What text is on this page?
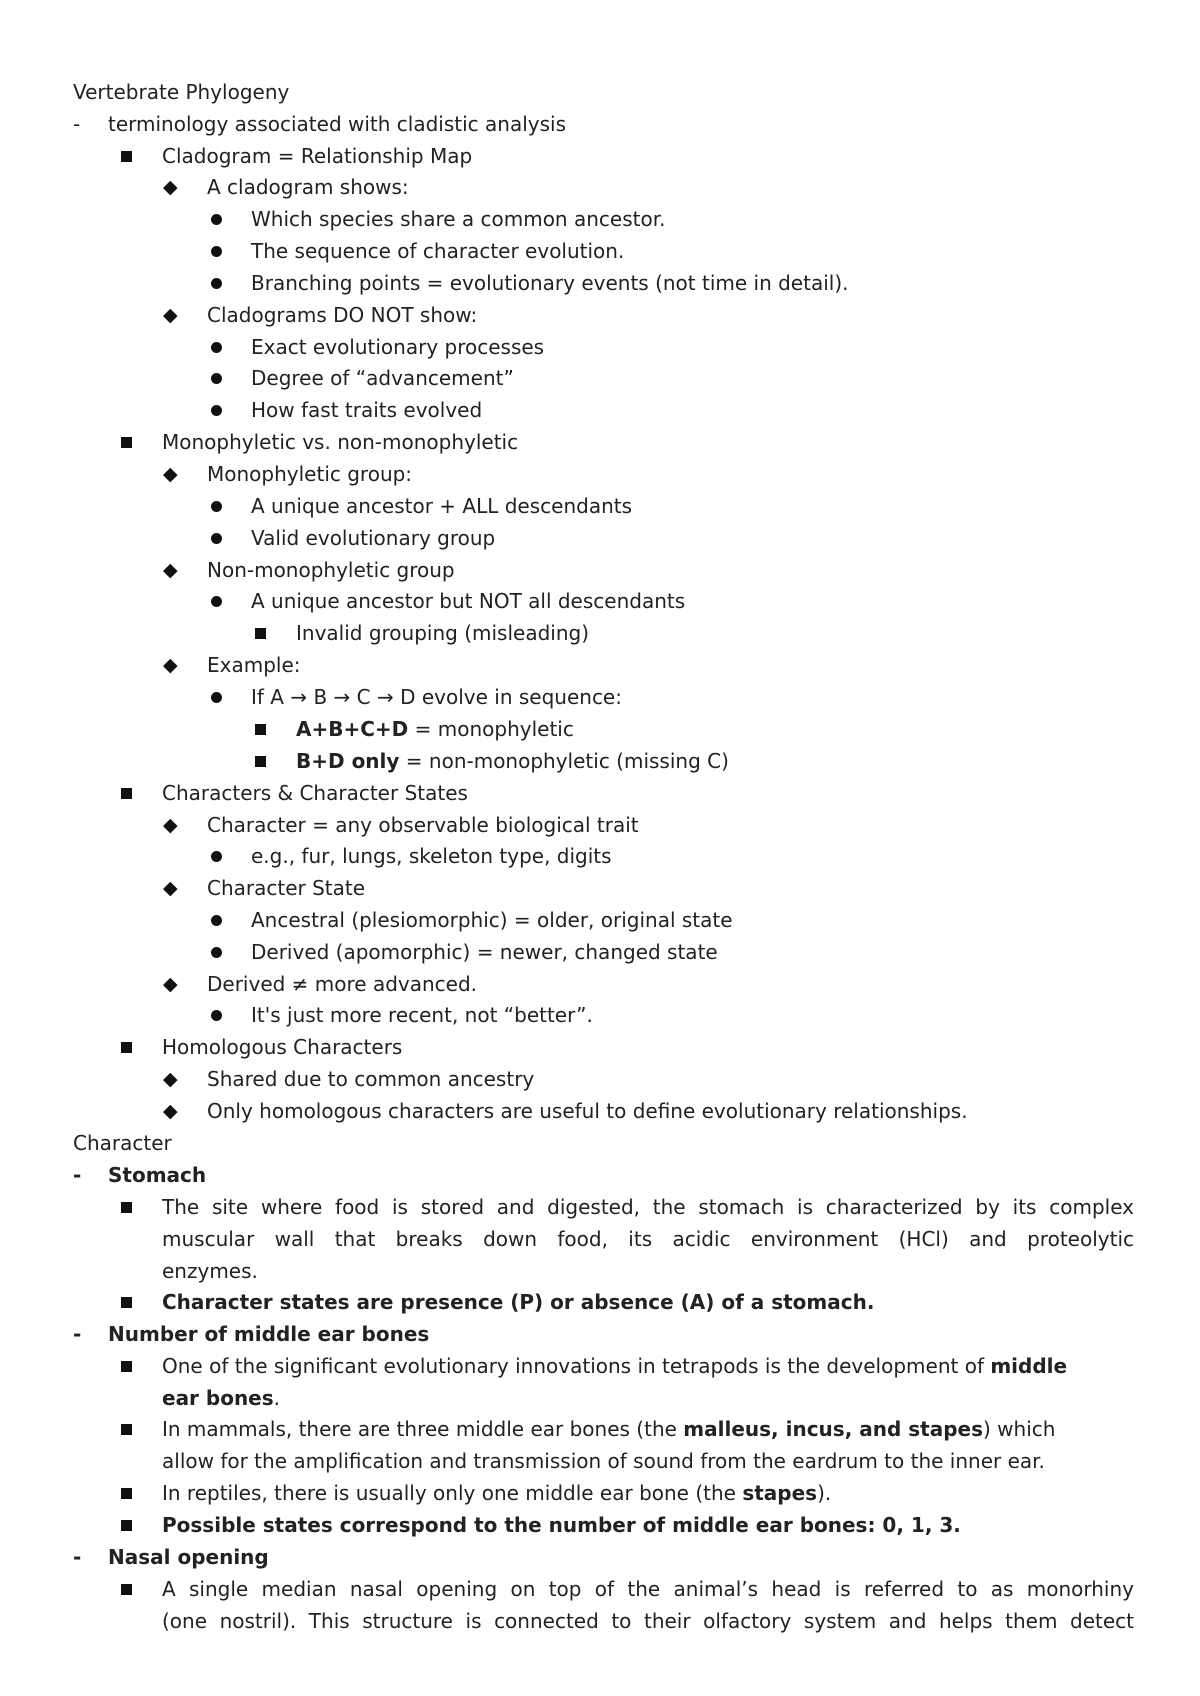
Vertebrate Phylogeny
- terminology associated with cladistic analysis
Cladogram = Relationship Map
◆ A cladogram shows:
Which species share a common ancestor.
The sequence of character evolution.
Branching points = evolutionary events (not time in detail).
◆ Cladograms DO NOT show:
Exact evolutionary processes
Degree of “advancement”
How fast traits evolved
Monophyletic vs. non-monophyletic
◆ Monophyletic group:
A unique ancestor + ALL descendants
Valid evolutionary group
◆ Non-monophyletic group
A unique ancestor but NOT all descendants
Invalid grouping (misleading)
◆ Example:
If A → B → C → D evolve in sequence:
A+B+C+D = monophyletic
B+D only = non-monophyletic (missing C)
Characters & Character States
◆ Character = any observable biological trait
e.g., fur, lungs, skeleton type, digits
◆ Character State
Ancestral (plesiomorphic) = older, original state
Derived (apomorphic) = newer, changed state
◆ Derived ≠ more advanced.
It's just more recent, not “better”.
Homologous Characters
◆ Shared due to common ancestry
◆ Only homologous characters are useful to define evolutionary relationships.
Character
- Stomach
The site where food is stored and digested, the stomach is characterized by its complex
muscular wall that breaks down food, its acidic environment (HCl) and proteolytic
enzymes.
Character states are presence (P) or absence (A) of a stomach.
- Number of middle ear bones
One of the significant evolutionary innovations in tetrapods is the development of middle
ear bones.
In mammals, there are three middle ear bones (the malleus, incus, and stapes) which
allow for the amplification and transmission of sound from the eardrum to the inner ear.
In reptiles, there is usually only one middle ear bone (the stapes).
Possible states correspond to the number of middle ear bones: 0, 1, 3.
- Nasal opening
A single median nasal opening on top of the animal’s head is referred to as monorhiny
(one nostril). This structure is connected to their olfactory system and helps them detect
